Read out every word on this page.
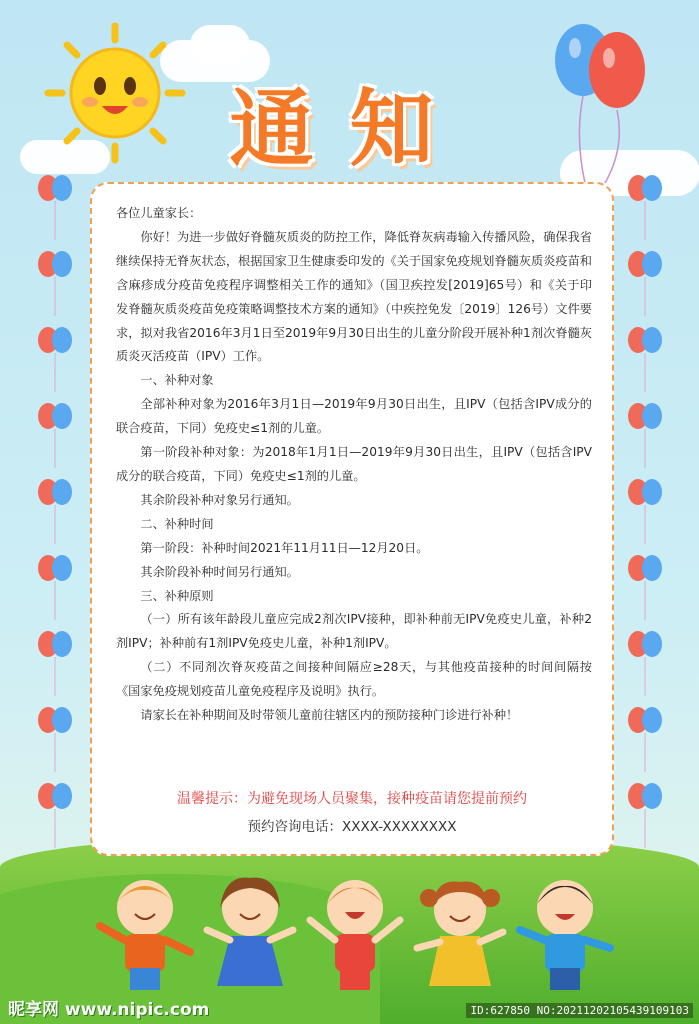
通知

各位儿童家长：

你好！为进一步做好脊髓灰质炎的防控工作，降低脊灰病毒输入传播风险，确保我省继续保持无脊灰状态，根据国家卫生健康委印发的《关于国家免疫规划脊髓灰质炎疫苗和含麻疹成分疫苗免疫程序调整相关工作的通知》（国卫疾控发[2019]65号）和《关于印发脊髓灰质炎疫苗免疫策略调整技术方案的通知》（中疾控免发〔2019〕126号）文件要求，拟对我省2016年3月1日至2019年9月30日出生的儿童分阶段开展补种1剂次脊髓灰质炎灭活疫苗（IPV）工作。

一、补种对象

全部补种对象为2016年3月1日—2019年9月30日出生，且IPV（包括含IPV成分的联合疫苗，下同）免疫史≤1剂的儿童。

第一阶段补种对象：为2018年1月1日—2019年9月30日出生，且IPV（包括含IPV成分的联合疫苗，下同）免疫史≤1剂的儿童。

其余阶段补种对象另行通知。

二、补种时间

第一阶段：补种时间2021年11月11日—12月20日。

其余阶段补种时间另行通知。

三、补种原则

（一）所有该年龄段儿童应完成2剂次IPV接种，即补种前无IPV免疫史儿童，补种2剂IPV；补种前有1剂IPV免疫史儿童，补种1剂IPV。

（二）不同剂次脊灰疫苗之间接种间隔应≥28天，与其他疫苗接种的时间间隔按《国家免疫规划疫苗儿童免疫程序及说明》执行。

请家长在补种期间及时带领儿童前往辖区内的预防接种门诊进行补种！

温馨提示：为避免现场人员聚集，接种疫苗请您提前预约
预约咨询电话：XXXX-XXXXXXXX
昵享网 www.nipic.com	ID:627850 NO:20211202105439109103
